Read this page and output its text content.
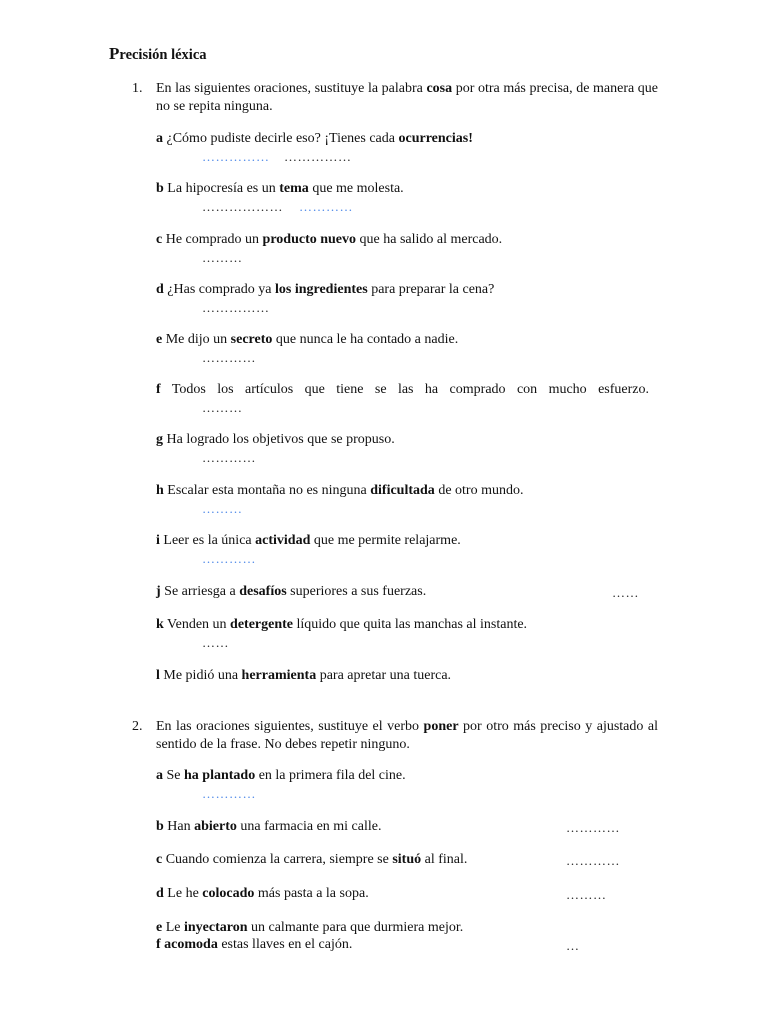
Precisión léxica
1. En las siguientes oraciones, sustituye la palabra cosa por otra más precisa, de manera que no se repita ninguna.
a ¿Cómo pudiste decirle eso? ¡Tienes cada ocurrencias!
…………… ……………
b La hipocresía es un tema que me molesta.
……………… …………
c He comprado un producto nuevo que ha salido al mercado.
………
d ¿Has comprado ya los ingredientes para preparar la cena?
……………
e Me dijo un secreto que nunca le ha contado a nadie.
…………
f Todos los artículos que tiene se las ha comprado con mucho esfuerzo.
………
g Ha logrado los objetivos que se propuso.
…………
h Escalar esta montaña no es ninguna dificultada de otro mundo.
………
i Leer es la única actividad que me permite relajarme.
…………
j Se arriesga a desafíos superiores a sus fuerzas.	……
k Venden un detergente líquido que quita las manchas al instante.
……
l Me pidió una herramienta para apretar una tuerca.
2. En las oraciones siguientes, sustituye el verbo poner por otro más preciso y ajustado al sentido de la frase. No debes repetir ninguno.
a Se ha plantado en la primera fila del cine.
…………
b Han abierto una farmacia en mi calle.	…………
c Cuando comienza la carrera, siempre se situó al final.	…………
d Le he colocado más pasta a la sopa.	………
e Le inyectaron un calmante para que durmiera mejor.
f acomoda estas llaves en el cajón.	…
